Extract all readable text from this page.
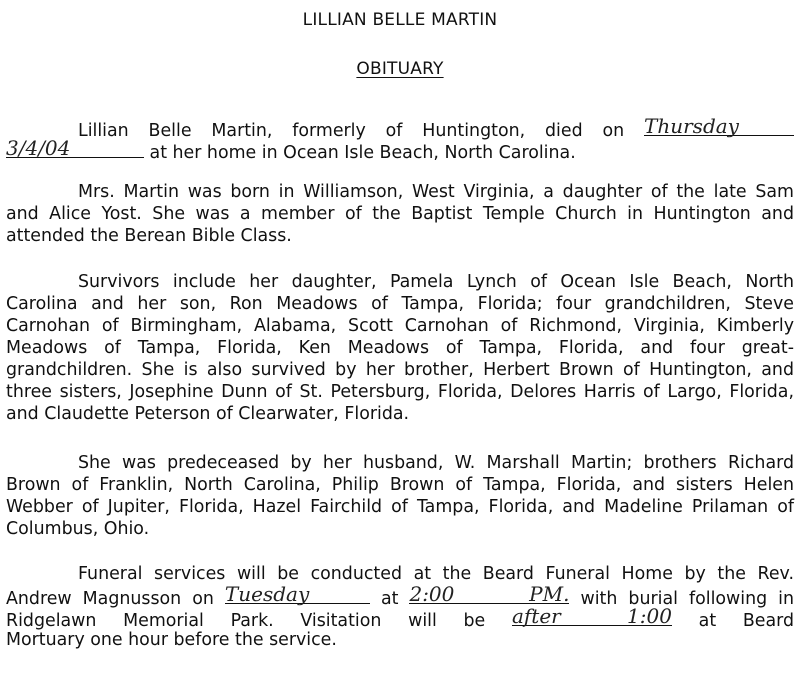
LILLIAN BELLE MARTIN
OBITUARY
Lillian Belle Martin, formerly of Huntington, died on Thursday
3/4/04	at her home in Ocean Isle Beach, North Carolina.
Mrs. Martin was born in Williamson, West Virginia, a daughter of the late Sam
and Alice Yost. She was a member of the Baptist Temple Church in Huntington and
attended the Berean Bible Class.
Survivors include her daughter, Pamela Lynch of Ocean Isle Beach, North
Carolina and her son, Ron Meadows of Tampa, Florida; four grandchildren, Steve
Carnohan of Birmingham, Alabama, Scott Carnohan of Richmond, Virginia, Kimberly
Meadows of Tampa, Florida, Ken Meadows of Tampa, Florida, and four great-
grandchildren. She is also survived by her brother, Herbert Brown of Huntington, and
three sisters, Josephine Dunn of St. Petersburg, Florida, Delores Harris of Largo, Florida,
and Claudette Peterson of Clearwater, Florida.
She was predeceased by her husband, W. Marshall Martin; brothers Richard
Brown of Franklin, North Carolina, Philip Brown of Tampa, Florida, and sisters Helen
Webber of Jupiter, Florida, Hazel Fairchild of Tampa, Florida, and Madeline Prilaman of
Columbus, Ohio.
Funeral services will be conducted at the Beard Funeral Home by the Rev.
Andrew Magnusson on Tuesday	at 2:00 PM. with burial following in
Ridgelawn Memorial Park. Visitation will be after 1:00 at Beard
Mortuary one hour before the service.
